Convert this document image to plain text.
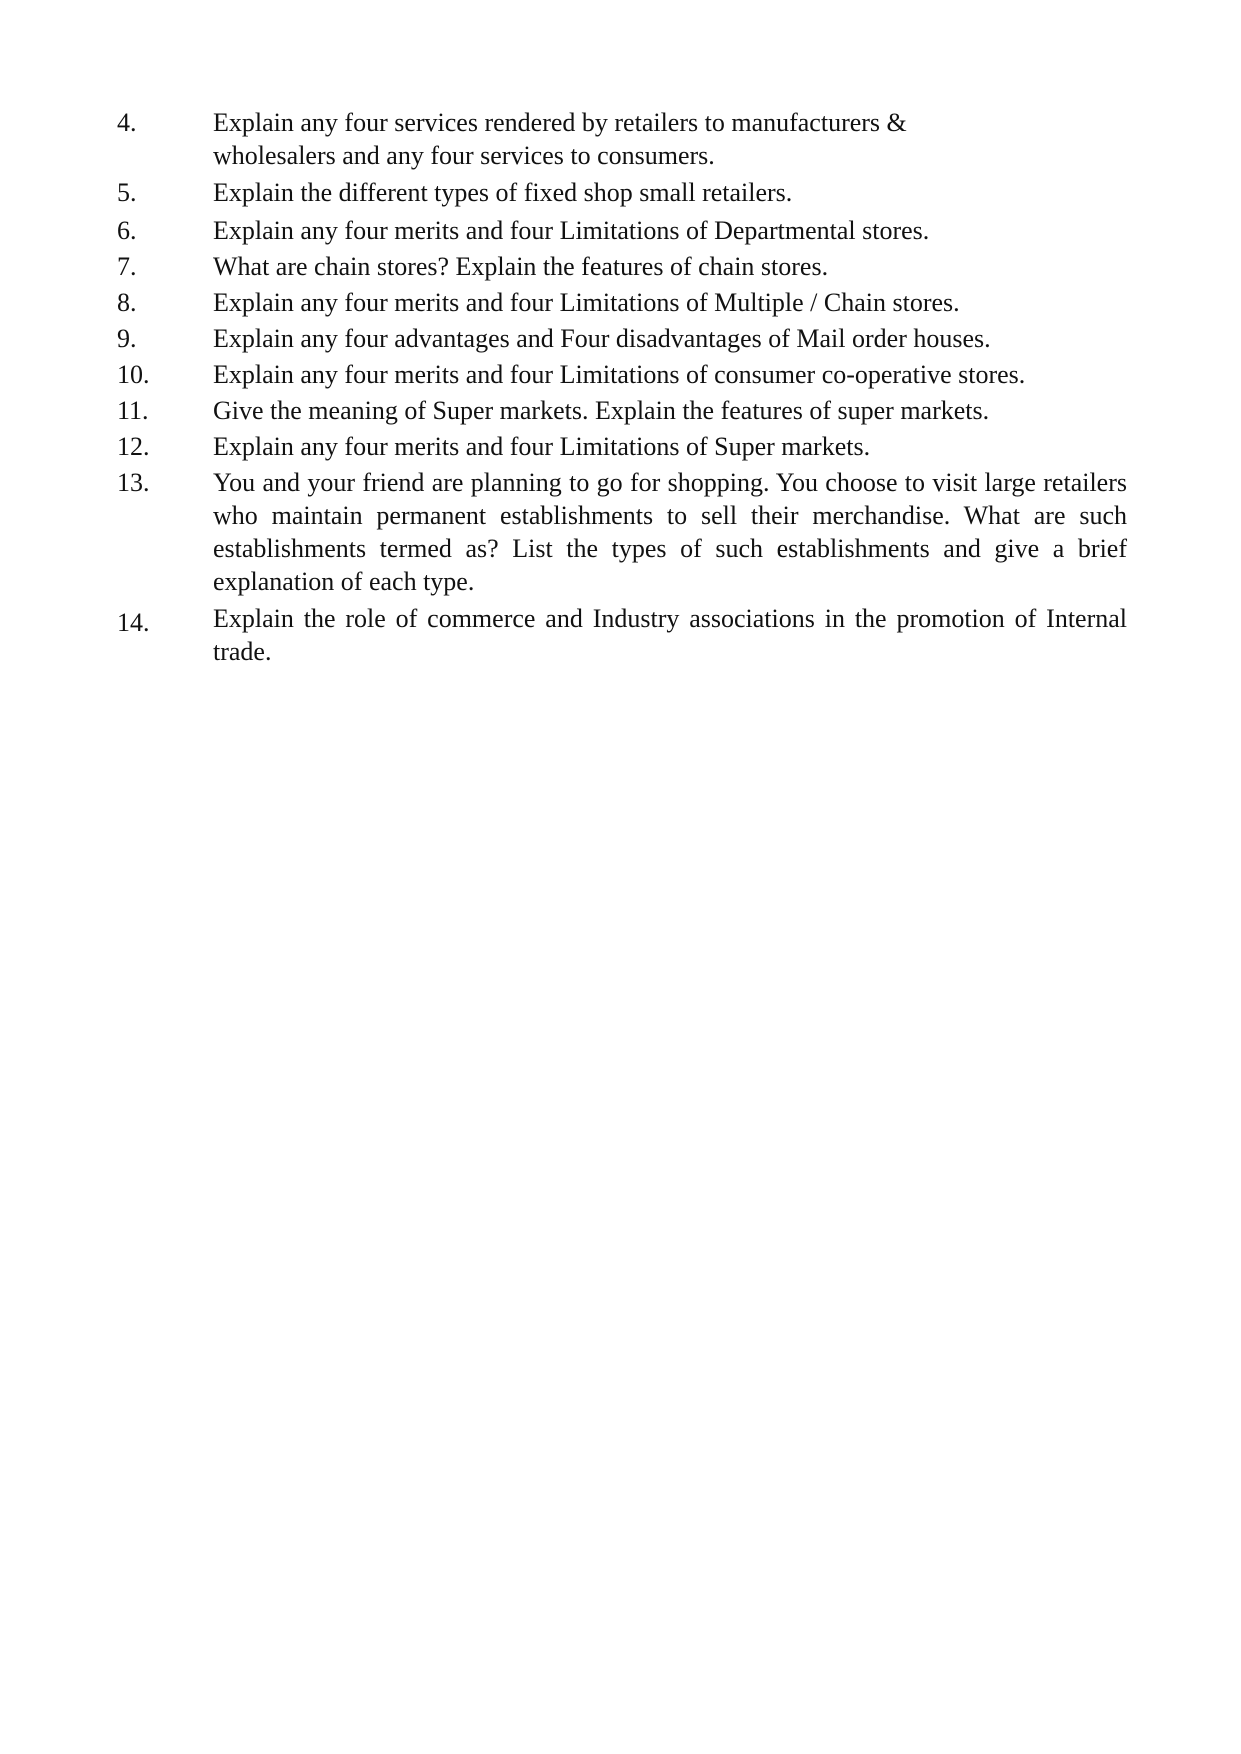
4.	Explain any four services rendered by retailers to manufacturers & wholesalers and any four services to consumers.
5.	Explain the different types of fixed shop small retailers.
6.	Explain any four merits and four Limitations of Departmental stores.
7.	What are chain stores? Explain the features of chain stores.
8.	Explain any four merits and four Limitations of Multiple / Chain stores.
9.	Explain any four advantages and Four disadvantages of Mail order houses.
10.	Explain any four merits and four Limitations of consumer co-operative stores.
11.	Give the meaning of Super markets. Explain the features of super markets.
12.	Explain any four merits and four Limitations of Super markets.
13.	You and your friend are planning to go for shopping. You choose to visit large retailers who maintain permanent establishments to sell their merchandise. What are such establishments termed as? List the types of such establishments and give a brief explanation of each type.
14.	Explain the role of commerce and Industry associations in the promotion of Internal trade.
